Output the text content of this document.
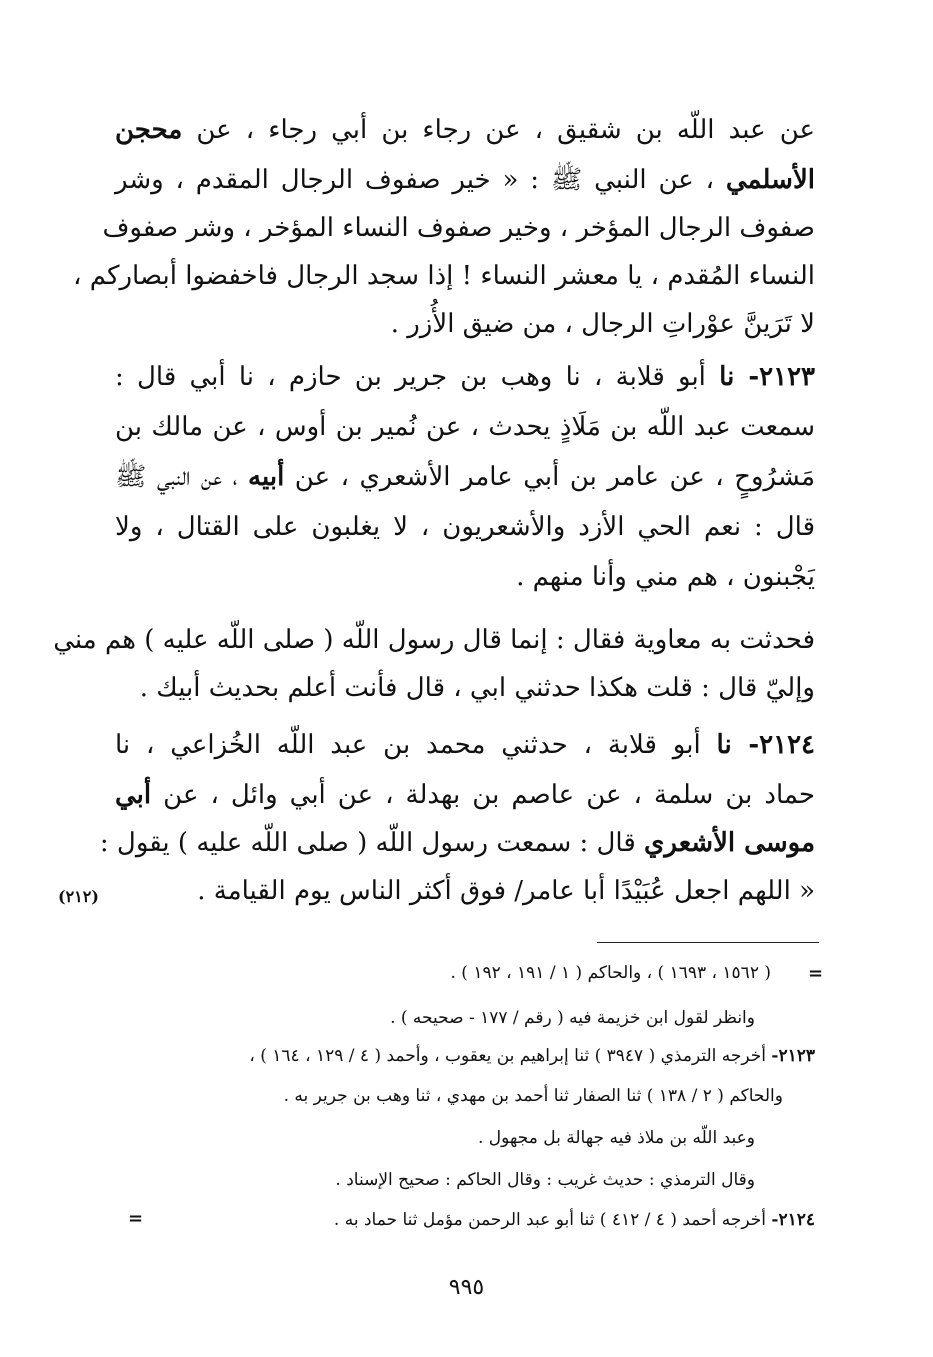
عن عبد اللّه بن شقيق ، عن رجاء بن أبي رجاء ، عن محجن
الأسلمي ، عن النبي ﷺ : « خير صفوف الرجال المقدم ، وشر
صفوف الرجال المؤخر ، وخير صفوف النساء المؤخر ، وشر صفوف
النساء المُقدم ، يا معشر النساء ! إذا سجد الرجال فاخفضوا أبصاركم ،
لا تَرَينَّ عوْراتِ الرجال ، من ضيق الأُزر .
٢١٢٣- نا أبو قلابة ، نا وهب بن جرير بن حازم ، نا أبي قال :
سمعت عبد اللّه بن مَلَاذٍ يحدث ، عن نُمير بن أوس ، عن مالك بن
مَشرُوحٍ ، عن عامر بن أبي عامر الأشعري ، عن أبيه ، عن النبي ﷺ
قال : نعم الحي الأزد والأشعريون ، لا يغلبون على القتال ، ولا
يَجْبنون ، هم مني وأنا منهم .
فحدثت به معاوية فقال : إنما قال رسول اللّه ( صلى اللّه عليه ) هم مني
وإليّ قال : قلت هكذا حدثني ابي ، قال فأنت أعلم بحديث أبيك .
٢١٢٤- نا أبو قلابة ، حدثني محمد بن عبد اللّه الخُزاعي ، نا
حماد بن سلمة ، عن عاصم بن بهدلة ، عن أبي وائل ، عن أبي
موسى الأشعري قال : سمعت رسول اللّه ( صلى اللّه عليه ) يقول :
« اللهم اجعل عُبَيْدًا أبا عامر/ فوق أكثر الناس يوم القيامة .
(٢١٢)
=
( ١٥٦٢ ، ١٦٩٣ ) ، والحاكم ( ١ / ١٩١ ، ١٩٢ ) .
وانظر لقول ابن خزيمة فيه ( رقم / ١٧٧ - صحيحه ) .
٢١٢٣- أخرجه الترمذي ( ٣٩٤٧ ) ثنا إبراهيم بن يعقوب ، وأحمد ( ٤ / ١٢٩ ، ١٦٤ ) ،
والحاكم ( ٢ / ١٣٨ ) ثنا الصفار ثنا أحمد بن مهدي ، ثنا وهب بن جرير به .
وعبد اللّه بن ملاذ فيه جهالة بل مجهول .
وقال الترمذي : حديث غريب : وقال الحاكم : صحيح الإسناد .
٢١٢٤- أخرجه أحمد ( ٤ / ٤١٢ ) ثنا أبو عبد الرحمن مؤمل ثنا حماد به .
=
٩٩٥
